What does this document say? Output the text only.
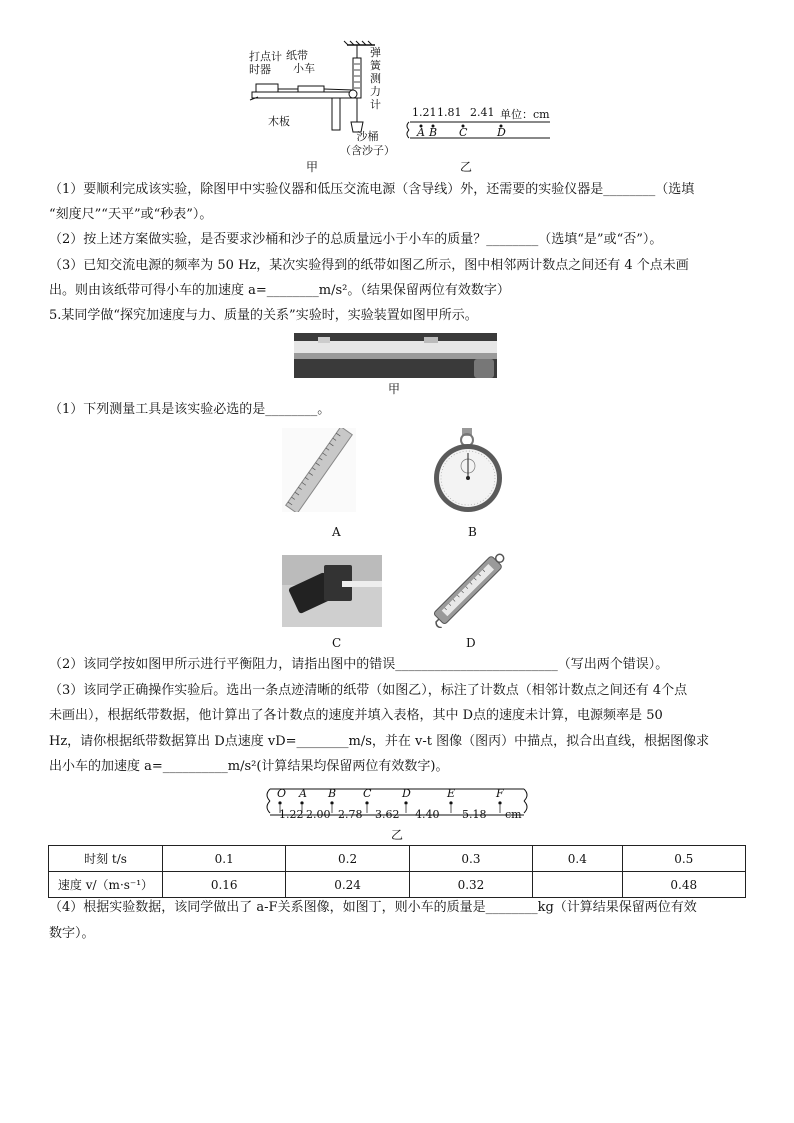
打点计
时器
纸带
小车
木板
弹
簧
测
力
计
沙桶
（含沙子）
甲
1.21 1.81 2.41 单位：cm
A B C	D
乙
（1）要顺利完成该实验，除图甲中实验仪器和低压交流电源（含导线）外，还需要的实验仪器是________（选填
“刻度尺”“天平”或“秒表”）。
（2）按上述方案做实验，是否要求沙桶和沙子的总质量远小于小车的质量？________（选填“是”或“否”）。
（3）已知交流电源的频率为 50 Hz，某次实验得到的纸带如图乙所示，图中相邻两计数点之间还有 4 个点未画
出。则由该纸带可得小车的加速度 a=________m/s²。（结果保留两位有效数字）
5.某同学做“探究加速度与力、质量的关系”实验时，实验装置如图甲所示。
甲
（1）下列测量工具是该实验必选的是________。
A	B
C	D
（2）该同学按如图甲所示进行平衡阻力，请指出图中的错误_________________________（写出两个错误）。
（3）该同学正确操作实验后。选出一条点迹清晰的纸带（如图乙），标注了计数点（相邻计数点之间还有 4个点
未画出），根据纸带数据，他计算出了各计数点的速度并填入表格，其中 D点的速度未计算，电源频率是 50
Hz，请你根据纸带数据算出 D点速度 vD=________m/s，并在 v-t 图像（图丙）中描点，拟合出直线，根据图像求
出小车的加速度 a=__________m/s²(计算结果均保留两位有效数字)。
O A B C	D	E	F
1.22 2.00 2.78 3.62 4.40 5.18 cm
乙
时刻 t/s	0.1	0.2	0.3	0.4	0.5
速度 v/（m·s⁻¹）	0.16	0.24	0.32		0.48
（4）根据实验数据，该同学做出了 a-F关系图像，如图丁，则小车的质量是________kg（计算结果保留两位有效
数字）。
